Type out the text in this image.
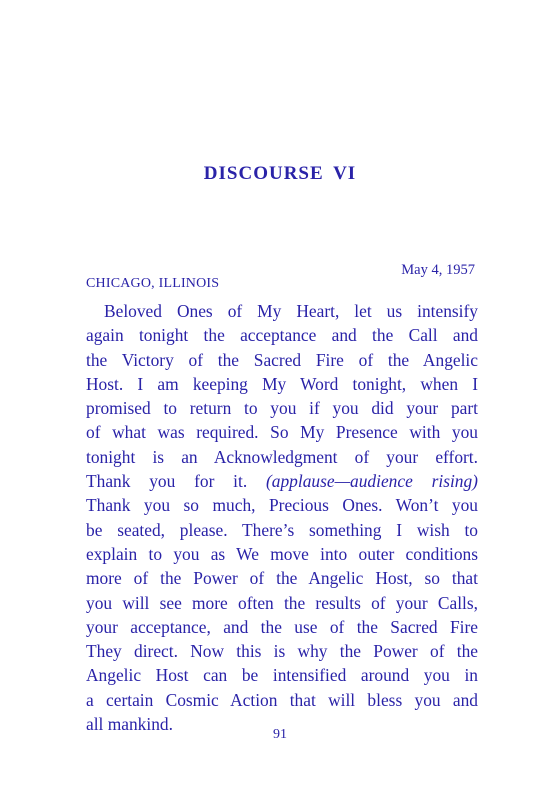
DISCOURSE VI
May 4, 1957
CHICAGO, ILLINOIS
Beloved Ones of My Heart, let us intensify
again tonight the acceptance and the Call and
the Victory of the Sacred Fire of the Angelic
Host. I am keeping My Word tonight, when I
promised to return to you if you did your part
of what was required. So My Presence with you
tonight is an Acknowledgment of your effort.
Thank you for it. (applause—audience rising)
Thank you so much, Precious Ones. Won’t you
be seated, please. There’s something I wish to
explain to you as We move into outer conditions
more of the Power of the Angelic Host, so that
you will see more often the results of your Calls,
your acceptance, and the use of the Sacred Fire
They direct. Now this is why the Power of the
Angelic Host can be intensified around you in
a certain Cosmic Action that will bless you and
all mankind.
91
